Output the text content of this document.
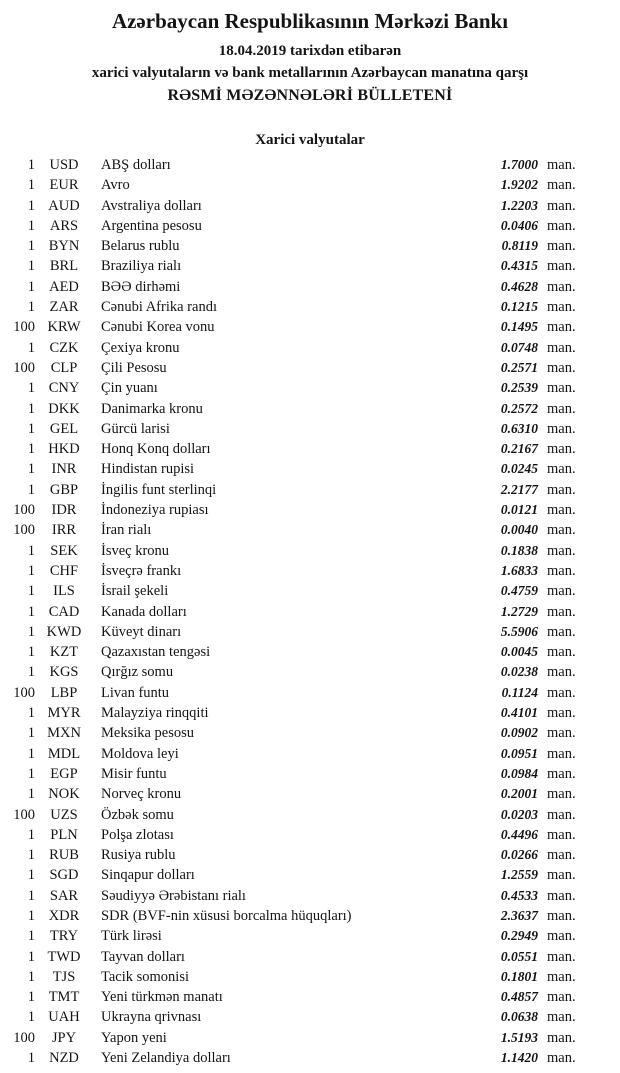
Azərbaycan Respublikasının Mərkəzi Bankı
18.04.2019 tarixdən etibarən
xarici valyutaların və bank metallarının Azərbaycan manatına qarşı
RƏSMİ MƏZƏNNƏLƏRİ BÜLLETENİ
Xarici valyutalar
1 USD	ABŞ dolları	1.7000 man.
1	EUR	Avro	1.9202 man.
1 AUD	Avstraliya dolları	1.2203 man.
1	ARS	Argentina pesosu	0.0406 man.
1 BYN	Belarus rublu	0.8119 man.
1	BRL	Braziliya rialı	0.4315 man.
1 AED	BƏƏ dirhəmi	0.4628 man.
1	ZAR	Cənubi Afrika randı	0.1215 man.
100 KRW	Cənubi Korea vonu	0.1495 man.
1	CZK	Çexiya kronu	0.0748 man.
100	CLP	Çili Pesosu	0.2571 man.
1 CNY	Çin yuanı	0.2539 man.
1 DKK	Danimarka kronu	0.2572 man.
1	GEL	Gürcü larisi	0.6310 man.
1 HKD	Honq Konq dolları	0.2167 man.
1	INR	Hindistan rupisi	0.0245 man.
1	GBP	İngilis funt sterlinqi	2.2177 man.
100	IDR	İndoneziya rupiası	0.0121 man.
100	IRR	İran rialı	0.0040 man.
1	SEK	İsveç kronu	0.1838 man.
1	CHF	İsveçrə frankı	1.6833 man.
1	ILS	İsrail şekeli	0.4759 man.
1 CAD	Kanada dolları	1.2729 man.
1 KWD	Küveyt dinarı	5.5906 man.
1	KZT	Qazaxıstan tengəsi	0.0045 man.
1 KGS	Qırğız somu	0.0238 man.
100	LBP	Livan funtu	0.1124 man.
1 MYR	Malayziya rinqqiti	0.4101 man.
1 MXN	Meksika pesosu	0.0902 man.
1 MDL	Moldova leyi	0.0951 man.
1	EGP	Misir funtu	0.0984 man.
1 NOK	Norveç kronu	0.2001 man.
100	UZS	Özbək somu	0.0203 man.
1	PLN	Polşa zlotası	0.4496 man.
1 RUB	Rusiya rublu	0.0266 man.
1 SGD	Sinqapur dolları	1.2559 man.
1	SAR	Səudiyyə Ərəbistanı rialı	0.4533 man.
1 XDR	SDR (BVF-nin xüsusi borcalma hüquqları)	2.3637 man.
1	TRY	Türk lirəsi	0.2949 man.
1 TWD	Tayvan dolları	0.0551 man.
1	TJS	Tacik somonisi	0.1801 man.
1 TMT	Yeni türkmən manatı	0.4857 man.
1 UAH	Ukrayna qrivnası	0.0638 man.
100	JPY	Yapon yeni	1.5193 man.
1 NZD	Yeni Zelandiya dolları	1.1420 man.
